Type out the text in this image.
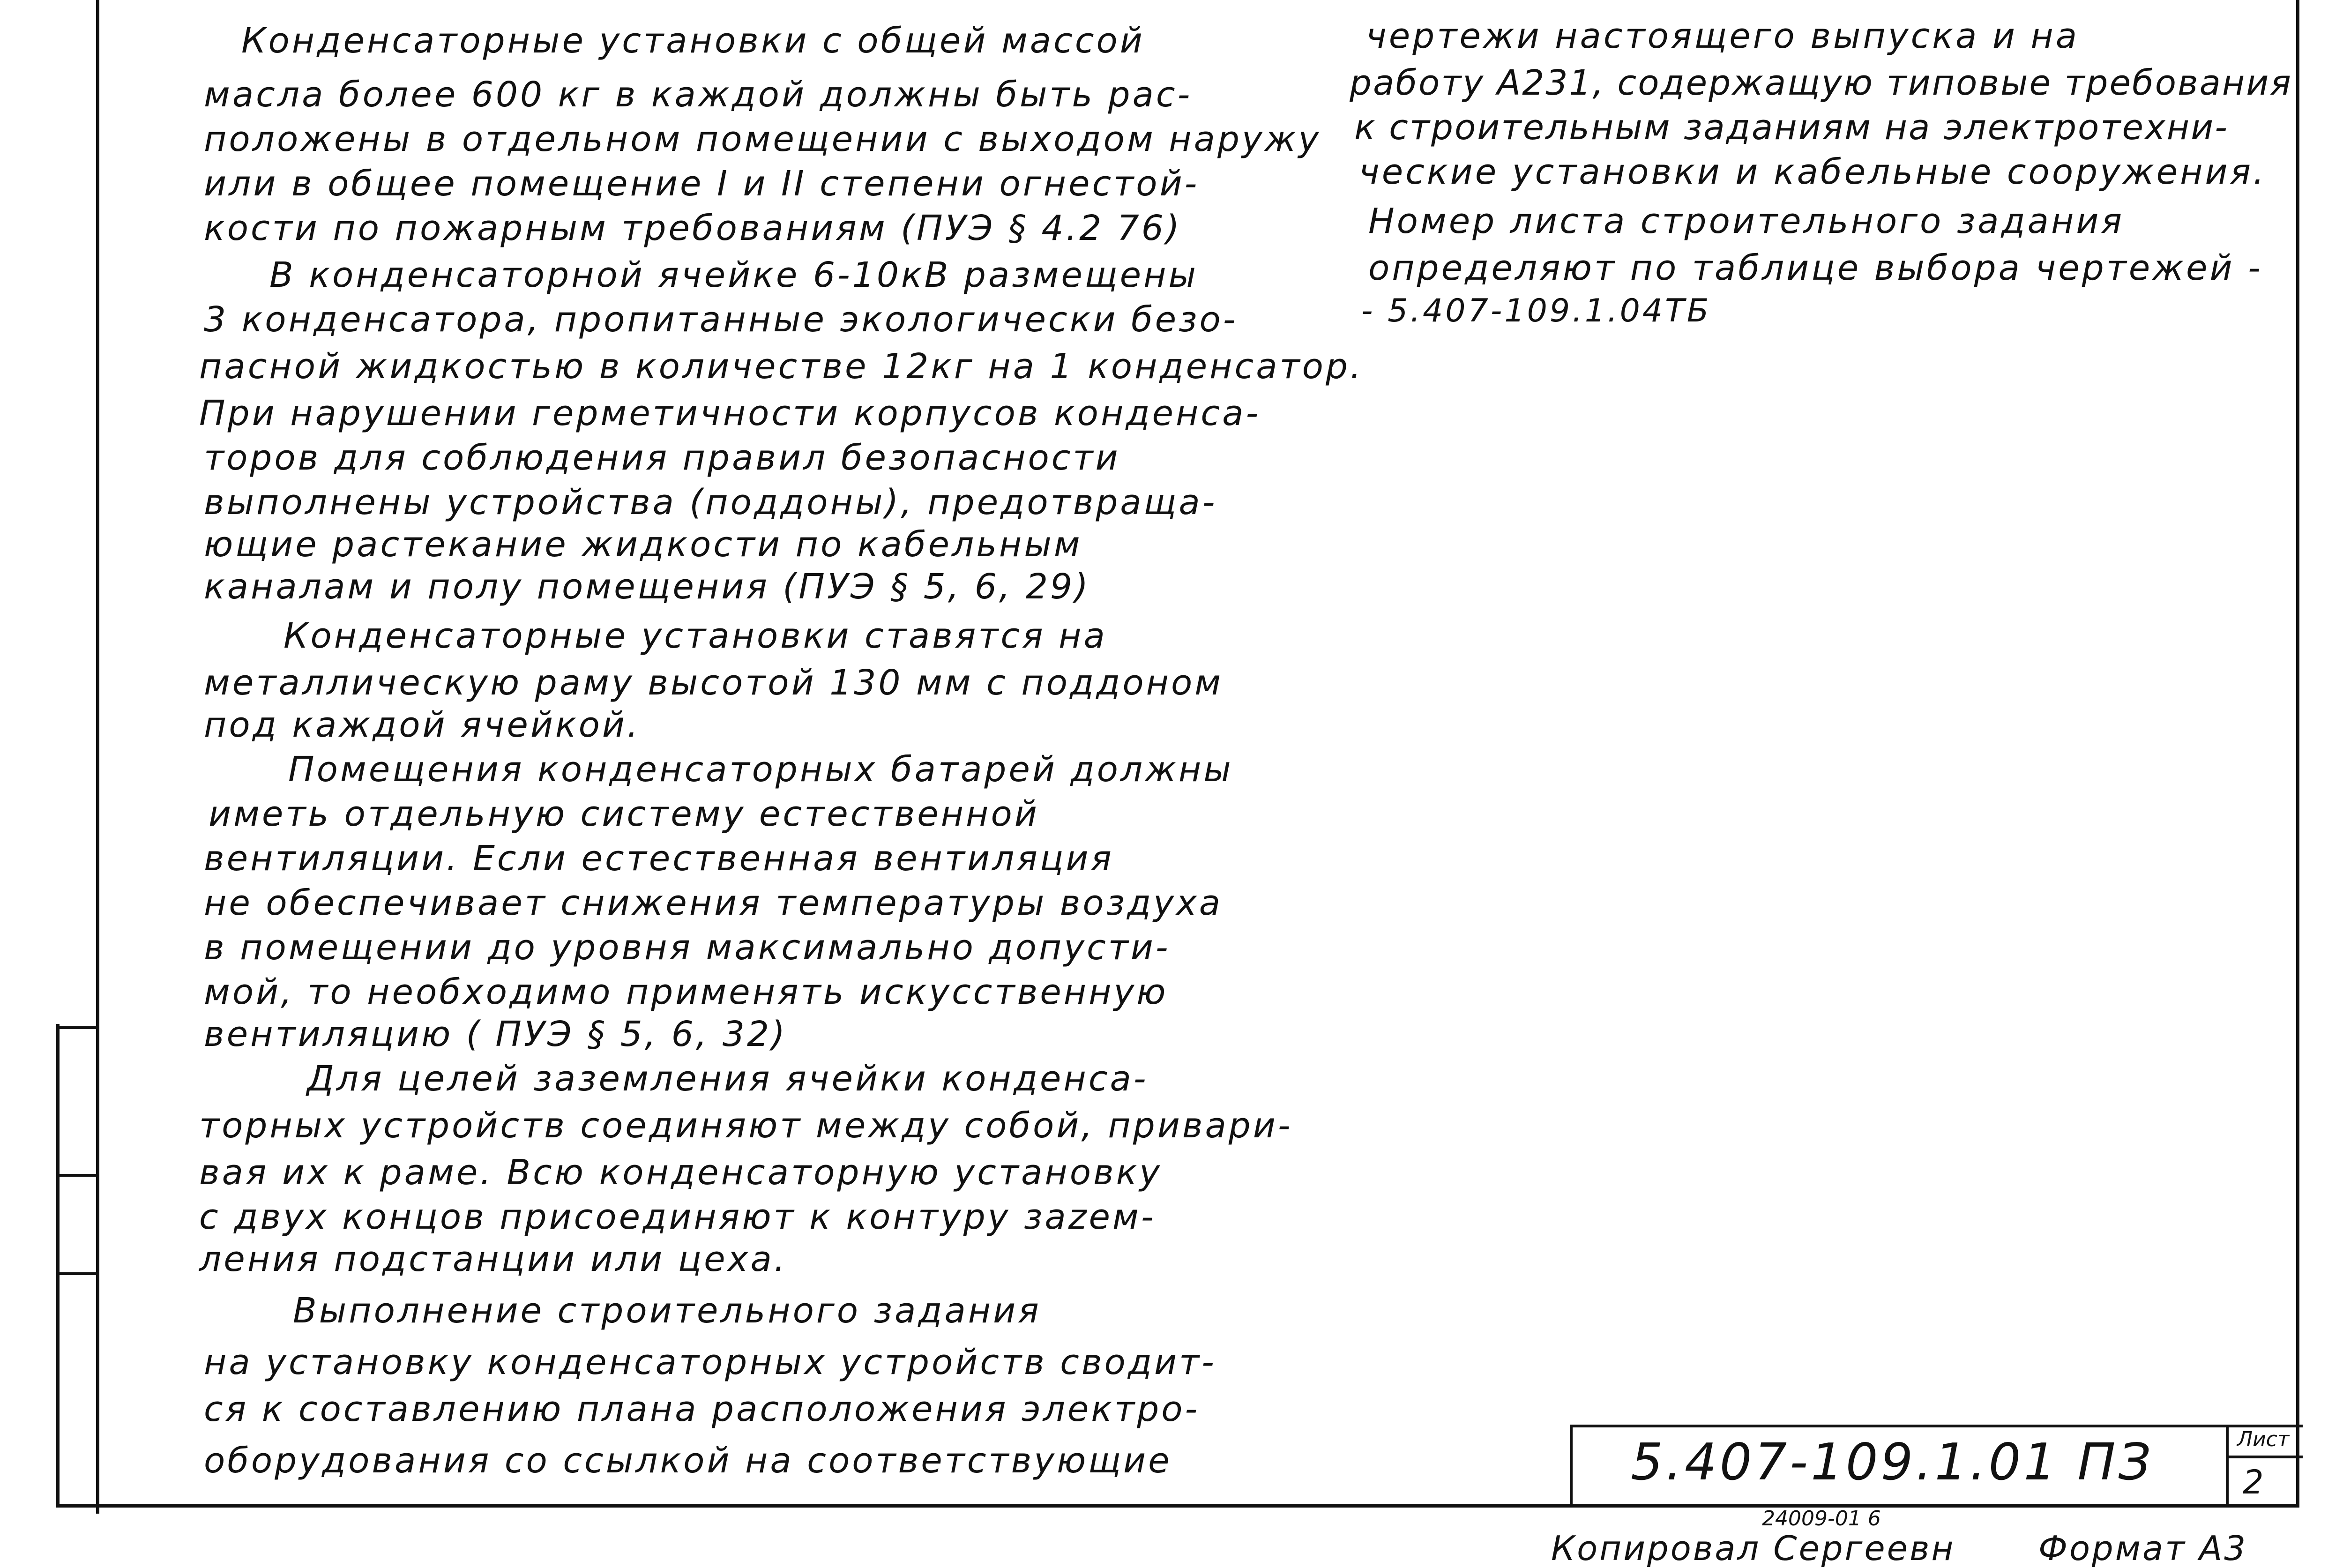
Конденсаторные установки с общей массой
масла более 600 кг в каждой должны быть рас-
положены в отдельном помещении с выходом наружу
или в общее помещение I и II степени огнестой-
кости по пожарным требованиям (ПУЭ § 4.2 76)
В конденсаторной ячейке 6-10кВ размещены
3 конденсатора, пропитанные экологически безо-
пасной жидкостью в количестве 12кг на 1 конденсатор.
При нарушении герметичности корпусов конденса-
торов для соблюдения правил безопасности
выполнены устройства (поддоны), предотвраща-
ющие растекание жидкости по кабельным
каналам и полу помещения (ПУЭ § 5, 6, 29)
Конденсаторные установки ставятся на
металлическую раму высотой 130 мм с поддоном
под каждой ячейкой.
Помещения конденсаторных батарей должны
иметь отдельную систему естественной
вентиляции. Если естественная вентиляция
не обеспечивает снижения температуры воздуха
в помещении до уровня максимально допусти-
мой, то необходимо применять искусственную
вентиляцию ( ПУЭ § 5, 6, 32)
Для целей заземления ячейки конденса-
торных устройств соединяют между собой, привари-
вая их к раме. Всю конденсаторную установку
с двух концов присоединяют к контуру заzем-
ления подстанции или цеха.
Выполнение строительного задания
на установку конденсаторных устройств сводит-
ся к составлению плана расположения электро-
оборудования со ссылкой на соответствующие
чертежи настоящего выпуска и на
работу А231, содержащую типовые требования
к строительным заданиям на электротехни-
ческие установки и кабельные сооружения.
Номер листа строительного задания
определяют по таблице выбора чертежей -
- 5.407-109.1.04ТБ
5.407-109.1.01 ПЗ	Лист
2
24009-01 6
Копировал Сергеевн Формат А3
